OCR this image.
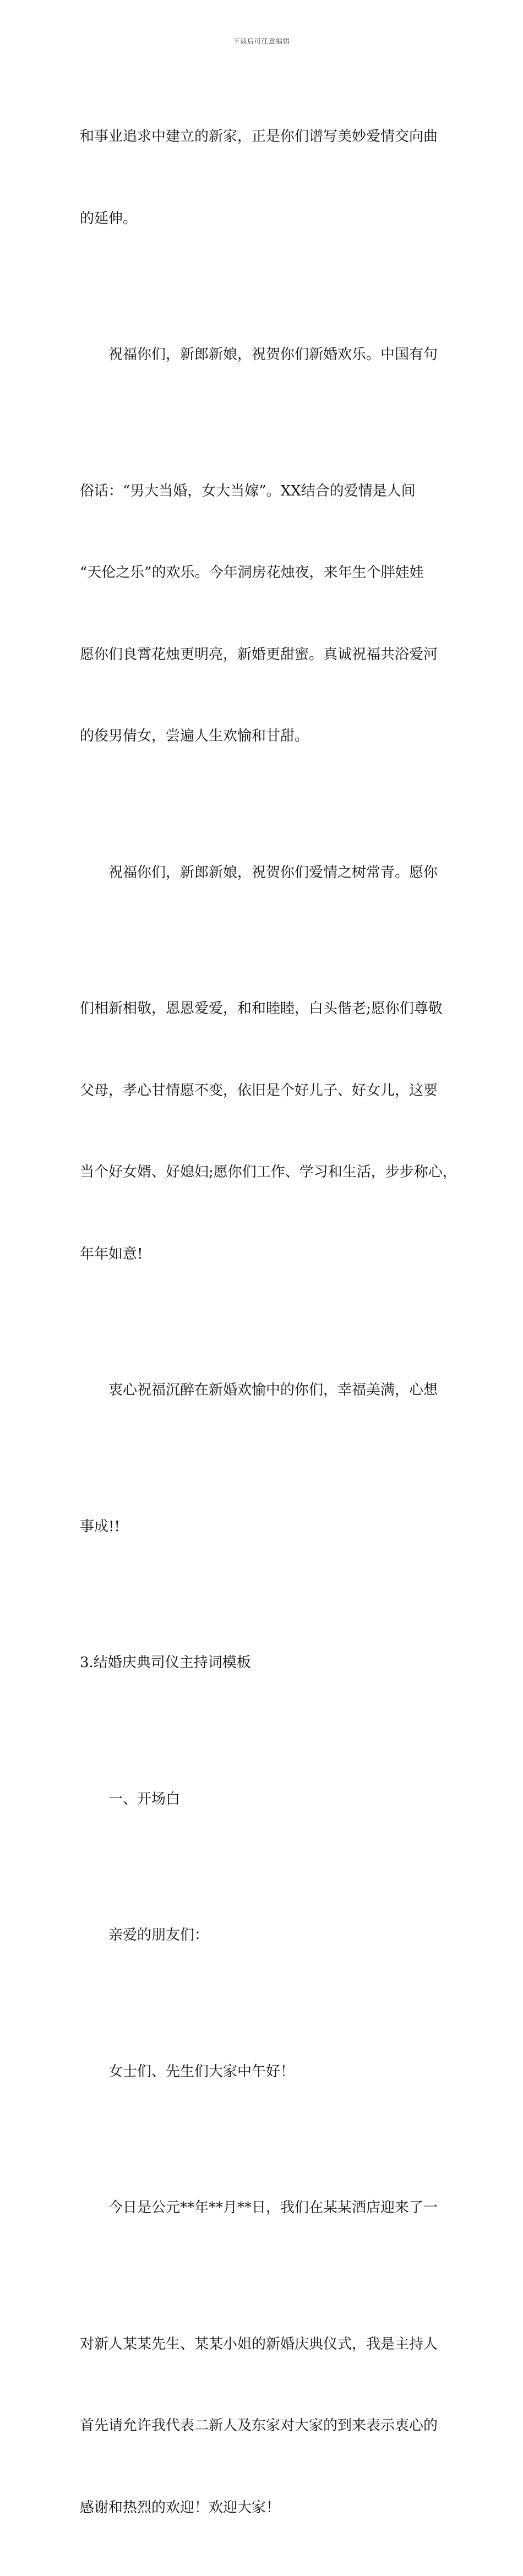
下载后可任意编辑

和事业追求中建立的新家，正是你们谱写美妙爱情交向曲

的延伸。

祝福你们，新郎新娘，祝贺你们新婚欢乐。中国有句

俗话：“男大当婚，女大当嫁”。XX结合的爱情是人间

“天伦之乐”的欢乐。今年洞房花烛夜，来年生个胖娃娃

愿你们良霄花烛更明亮，新婚更甜蜜。真诚祝福共浴爱河

的俊男倩女，尝遍人生欢愉和甘甜。

祝福你们，新郎新娘，祝贺你们爱情之树常青。愿你

们相新相敬，恩恩爱爱，和和睦睦，白头偕老;愿你们尊敬

父母，孝心甘情愿不变，依旧是个好儿子、好女儿，这要

当个好女婿、好媳妇;愿你们工作、学习和生活，步步称心，

年年如意!

衷心祝福沉醉在新婚欢愉中的你们，幸福美满，心想

事成!!

3.结婚庆典司仪主持词模板

一、开场白

亲爱的朋友们：

女士们、先生们大家中午好！

今日是公元**年**月**日，我们在某某酒店迎来了一

对新人某某先生、某某小姐的新婚庆典仪式，我是主持人

首先请允许我代表二新人及东家对大家的到来表示衷心的

感谢和热烈的欢迎！欢迎大家！
